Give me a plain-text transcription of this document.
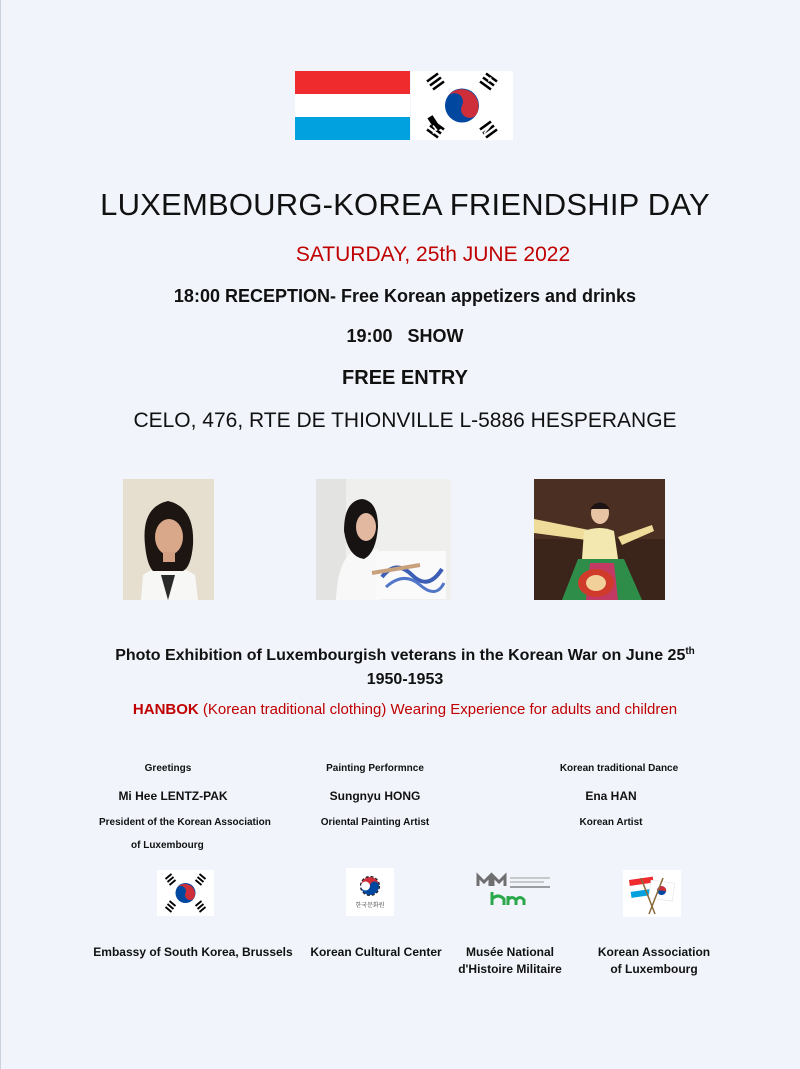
LUXEMBOURG-KOREA FRIENDSHIP DAY
SATURDAY, 25th JUNE 2022
18:00 RECEPTION- Free Korean appetizers and drinks
19:00   SHOW
FREE ENTRY
CELO, 476, RTE DE THIONVILLE L-5886 HESPERANGE
Photo Exhibition of Luxembourgish veterans in the Korean War on June 25th
1950-1953
HANBOK (Korean traditional clothing) Wearing Experience for adults and children
Greetings
Mi Hee LENTZ-PAK
President of the Korean Association
of Luxembourg
Painting Performnce
Sungnyu HONG
Oriental Painting Artist
Korean traditional Dance
Ena HAN
Korean Artist
한국문화원
Embassy of South Korea, Brussels	Korean Cultural Center	Musée National
d'Histoire Militaire
Korean Association
of Luxembourg
